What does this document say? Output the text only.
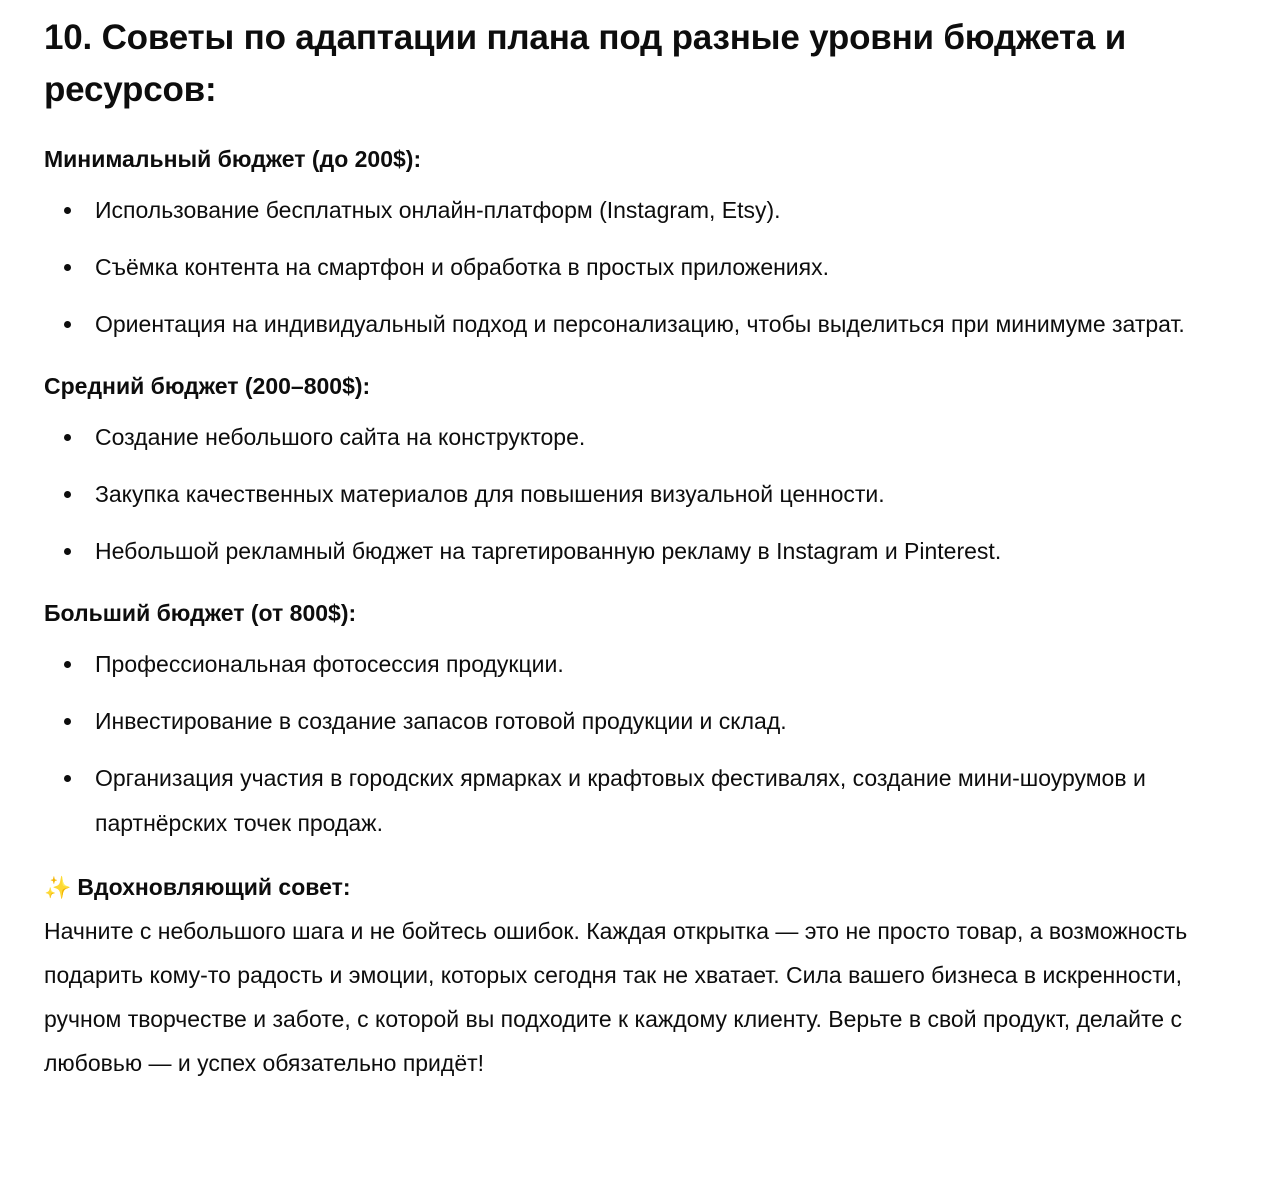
10. Советы по адаптации плана под разные уровни бюджета и ресурсов:
Минимальный бюджет (до 200$):
Использование бесплатных онлайн-платформ (Instagram, Etsy).
Съёмка контента на смартфон и обработка в простых приложениях.
Ориентация на индивидуальный подход и персонализацию, чтобы выделиться при минимуме затрат.
Средний бюджет (200–800$):
Создание небольшого сайта на конструкторе.
Закупка качественных материалов для повышения визуальной ценности.
Небольшой рекламный бюджет на таргетированную рекламу в Instagram и Pinterest.
Больший бюджет (от 800$):
Профессиональная фотосессия продукции.
Инвестирование в создание запасов готовой продукции и склад.
Организация участия в городских ярмарках и крафтовых фестивалях, создание мини-шоурумов и партнёрских точек продаж.
✨ Вдохновляющий совет:

Начните с небольшого шага и не бойтесь ошибок. Каждая открытка — это не просто товар, а возможность подарить кому-то радость и эмоции, которых сегодня так не хватает. Сила вашего бизнеса в искренности, ручном творчестве и заботе, с которой вы подходите к каждому клиенту. Верьте в свой продукт, делайте с любовью — и успех обязательно придёт!
